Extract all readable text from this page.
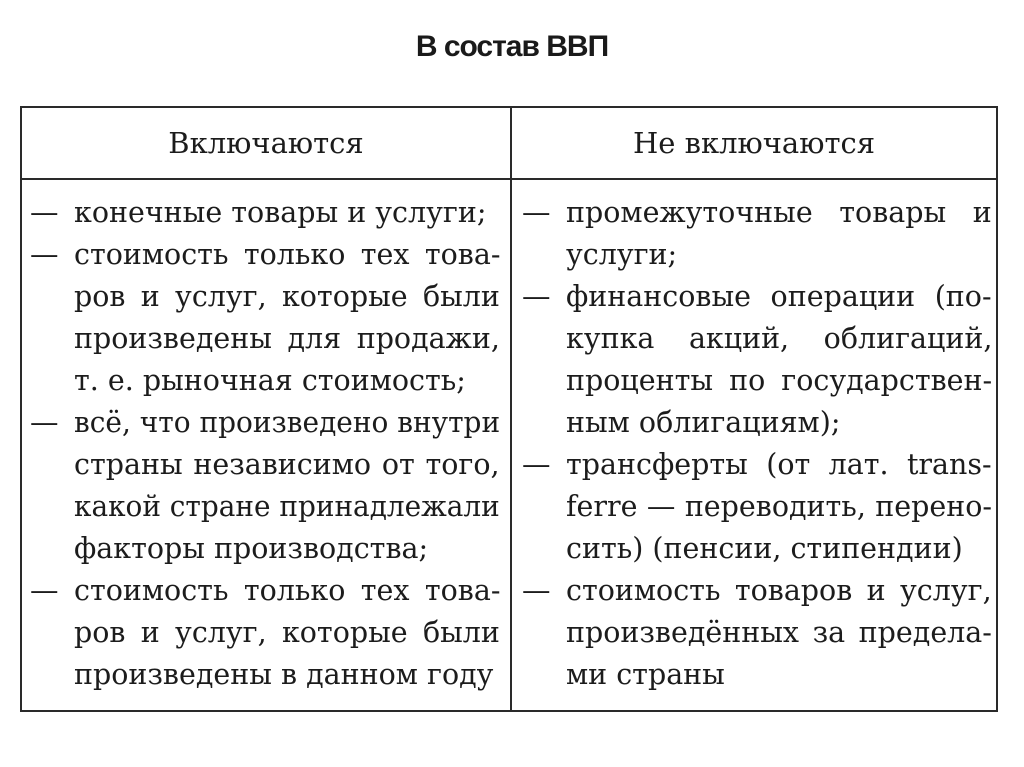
В состав ВВП
Включаются	Не включаются
— конечные товары и услуги;
— стоимость только тех това-
ров и услуг, которые были
произведены для продажи,
т. е. рыночная стоимость;
— всё, что произведено внутри
страны независимо от того,
какой стране принадлежали
факторы производства;
— стоимость только тех това-
ров и услуг, которые были
произведены в данном году
— промежуточные товары и
услуги;
— финансовые операции (по-
купка акций, облигаций,
проценты по государствен-
ным облигациям);
— трансферты (от лат. trans-
ferre — переводить, перено-
сить) (пенсии, стипендии)
— стоимость товаров и услуг,
произведённых за предела-
ми страны
